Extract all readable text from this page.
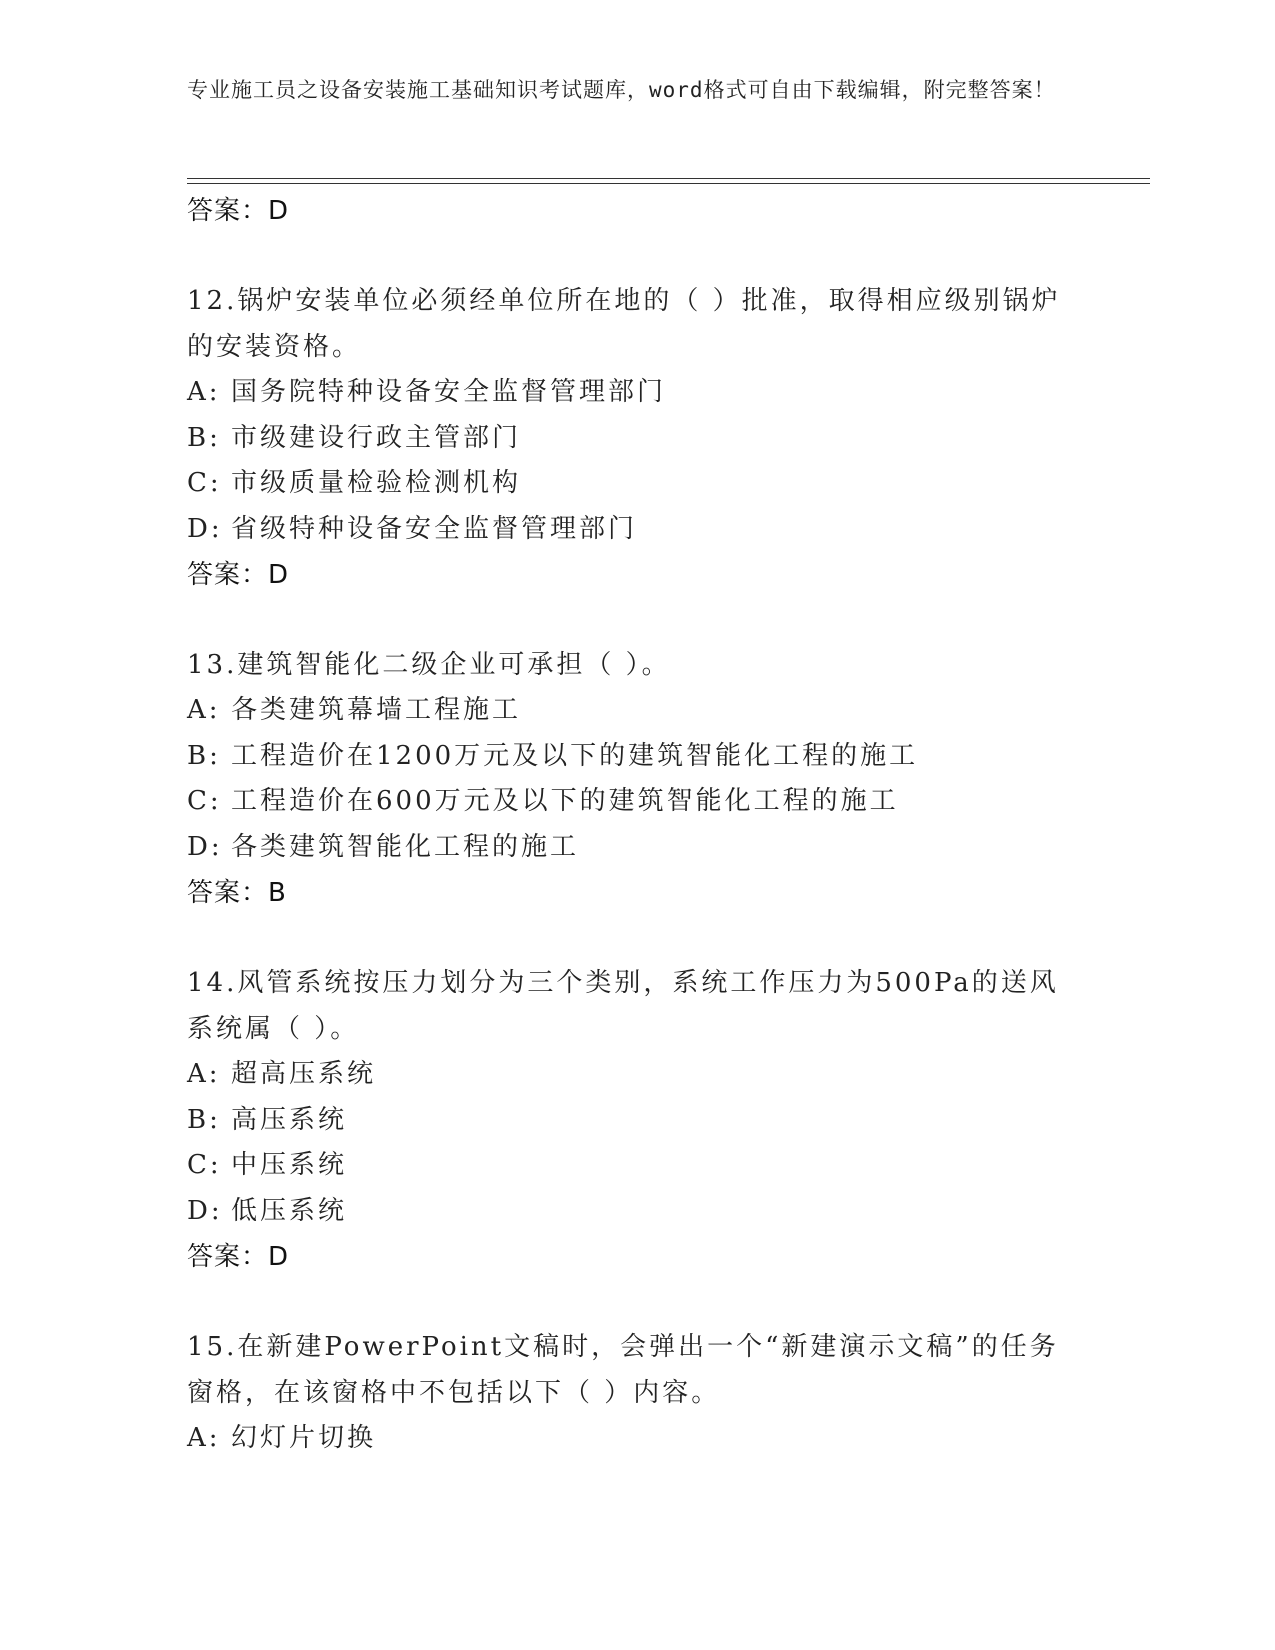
专业施工员之设备安装施工基础知识考试题库，word格式可自由下载编辑，附完整答案！
答案：D
12.锅炉安装单位必须经单位所在地的（ ）批准，取得相应级别锅炉的安装资格。
A: 国务院特种设备安全监督管理部门
B: 市级建设行政主管部门
C: 市级质量检验检测机构
D: 省级特种设备安全监督管理部门
答案：D
13.建筑智能化二级企业可承担（ ）。
A: 各类建筑幕墙工程施工
B: 工程造价在1200万元及以下的建筑智能化工程的施工
C: 工程造价在600万元及以下的建筑智能化工程的施工
D: 各类建筑智能化工程的施工
答案：B
14.风管系统按压力划分为三个类别，系统工作压力为500Pa的送风系统属（ ）。
A: 超高压系统
B: 高压系统
C: 中压系统
D: 低压系统
答案：D
15.在新建PowerPoint文稿时，会弹出一个“新建演示文稿”的任务窗格，在该窗格中不包括以下（ ）内容。
A: 幻灯片切换
